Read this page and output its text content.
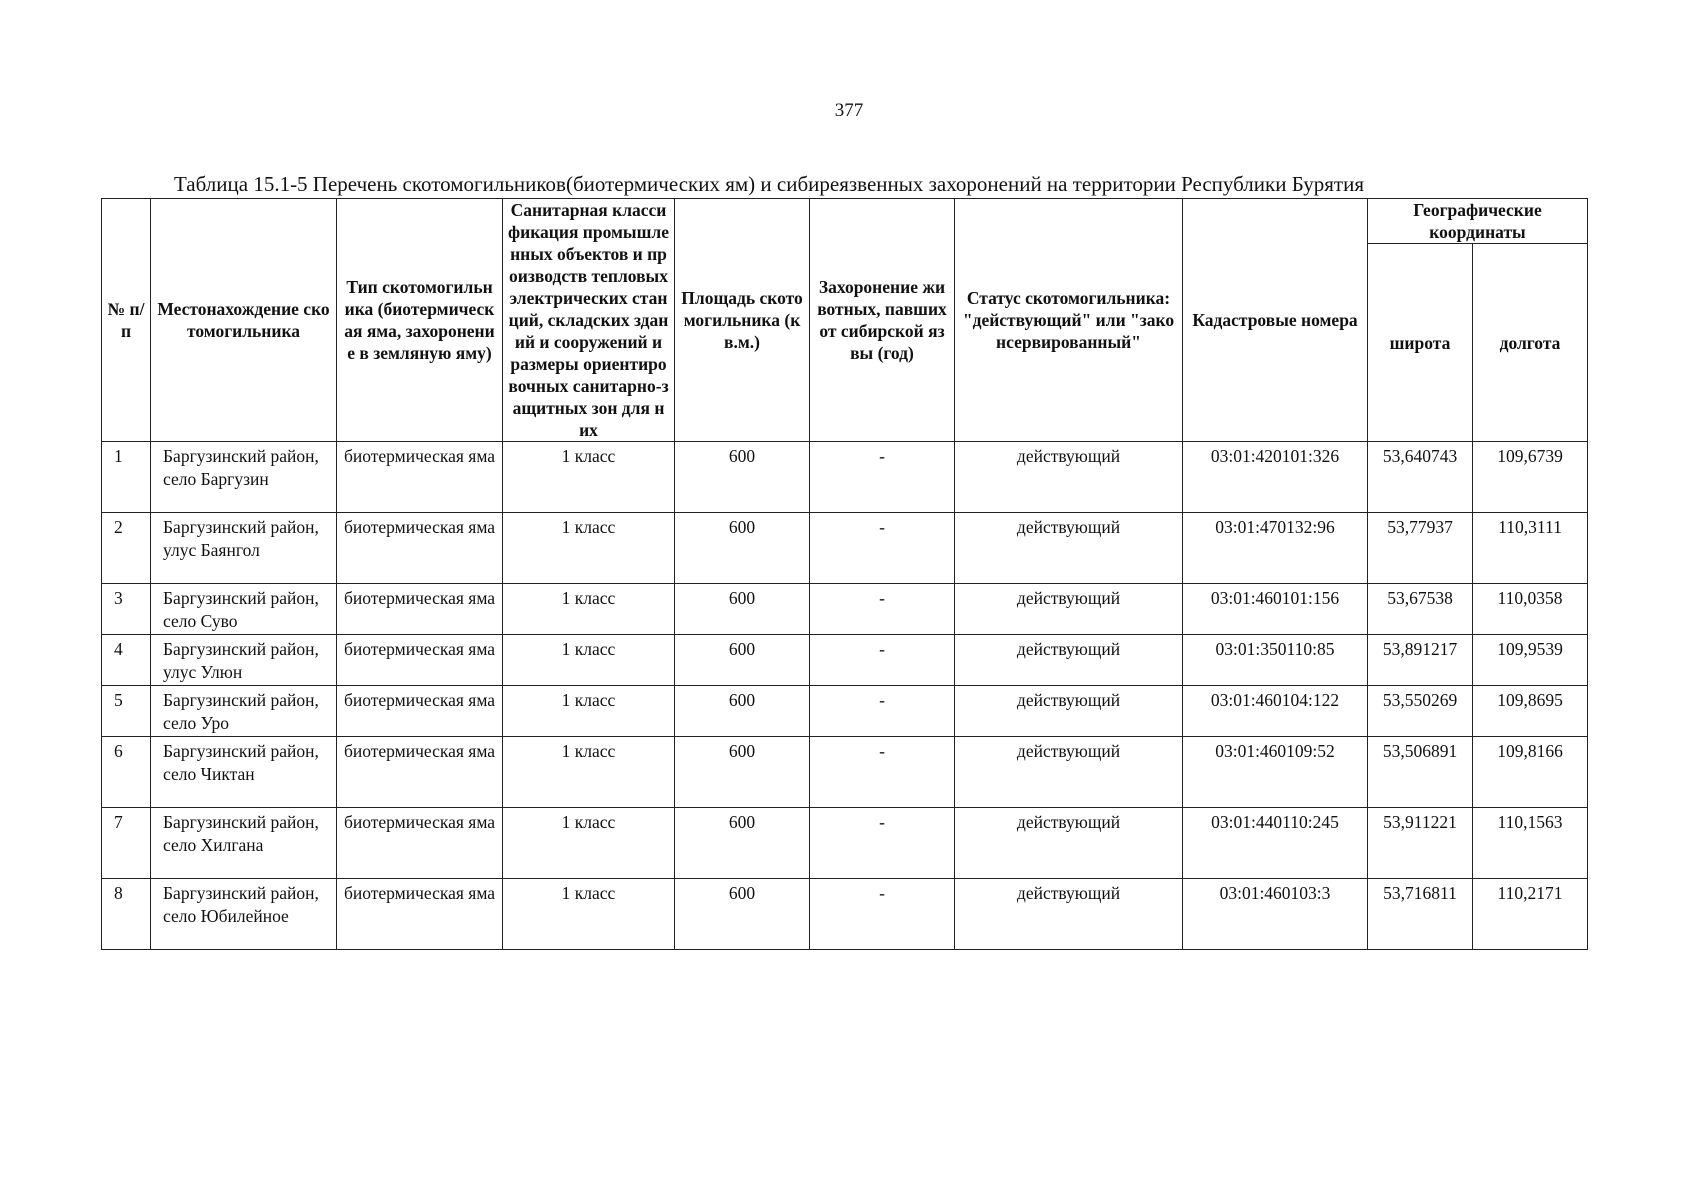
377
Таблица 15.1-5 Перечень скотомогильников(биотермических ям) и сибиреязвенных захоронений на территории Республики Бурятия
№ п/ п	Местонахождение скотомогильника	Тип скотомогильника (биотермическая яма, захоронение в земляную яму)	Санитарная классификация промышленных объектов и производств тепловых электрических станций, складских зданий и сооружений и размеры ориентировочных санитарно-защитных зон для них	Площадь скотомогильника (кв.м.)	Захоронение животных, павших от сибирской язвы (год)	Статус скотомогильника: "действующий" или "законсервированный"	Кадастровые номера	Географические координаты	
								широта	долгота
1	Баргузинский район, село Баргузин	биотермическая яма	1 класс	600	-	действующий	03:01:420101:326	53,640743	109,6739
2	Баргузинский район, улус Баянгол	биотермическая яма	1 класс	600	-	действующий	03:01:470132:96	53,77937	110,3111
3	Баргузинский район, село Суво	биотермическая яма	1 класс	600	-	действующий	03:01:460101:156	53,67538	110,0358
4	Баргузинский район, улус Улюн	биотермическая яма	1 класс	600	-	действующий	03:01:350110:85	53,891217	109,9539
5	Баргузинский район, село Уро	биотермическая яма	1 класс	600	-	действующий	03:01:460104:122	53,550269	109,8695
6	Баргузинский район, село Чиктан	биотермическая яма	1 класс	600	-	действующий	03:01:460109:52	53,506891	109,8166
7	Баргузинский район, село Хилгана	биотермическая яма	1 класс	600	-	действующий	03:01:440110:245	53,911221	110,1563
8	Баргузинский район, село Юбилейное	биотермическая яма	1 класс	600	-	действующий	03:01:460103:3	53,716811	110,2171
